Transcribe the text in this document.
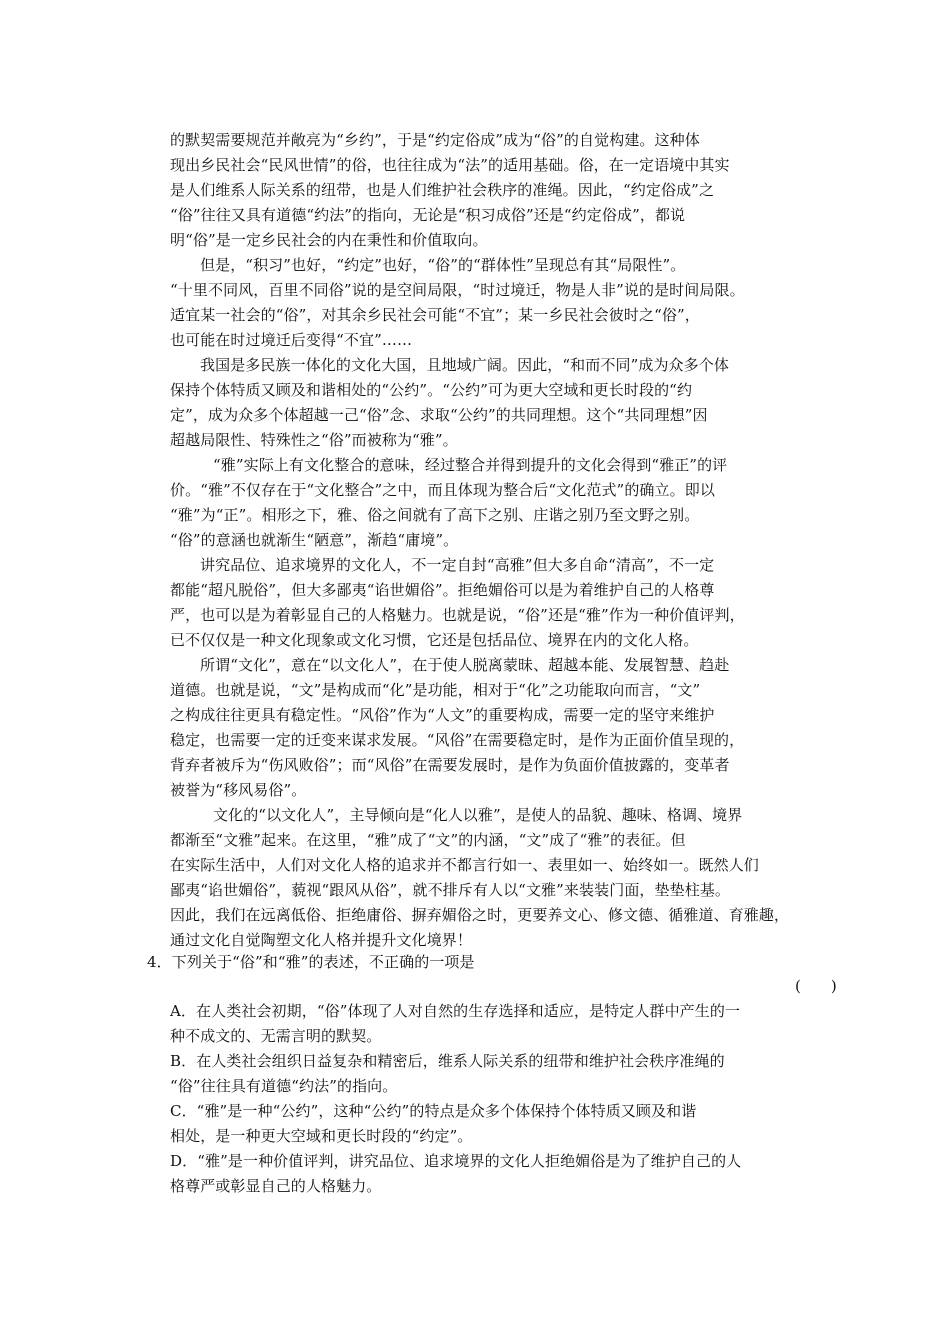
的默契需要规范并敞亮为“乡约”，于是“约定俗成”成为“俗”的自觉构建。这种体
现出乡民社会“民风世情”的俗，也往往成为“法”的适用基础。俗，在一定语境中其实
是人们维系人际关系的纽带，也是人们维护社会秩序的准绳。因此，“约定俗成”之
“俗”往往又具有道德“约法”的指向，无论是“积习成俗”还是“约定俗成”，都说
明“俗”是一定乡民社会的内在秉性和价值取向。
但是，“积习”也好，“约定”也好，“俗”的“群体性”呈现总有其“局限性”。
“十里不同风，百里不同俗”说的是空间局限，“时过境迁，物是人非”说的是时间局限。
适宜某一社会的“俗”，对其余乡民社会可能“不宜”；某一乡民社会彼时之“俗”，
也可能在时过境迁后变得“不宜”……
我国是多民族一体化的文化大国，且地域广阔。因此，“和而不同”成为众多个体
保持个体特质又顾及和谐相处的“公约”。“公约”可为更大空域和更长时段的“约
定”，成为众多个体超越一己“俗”念、求取“公约”的共同理想。这个“共同理想”因
超越局限性、特殊性之“俗”而被称为“雅”。
“雅”实际上有文化整合的意味，经过整合并得到提升的文化会得到“雅正”的评
价。“雅”不仅存在于“文化整合”之中，而且体现为整合后“文化范式”的确立。即以
“雅”为“正”。相形之下，雅、俗之间就有了高下之别、庄谐之别乃至文野之别。
“俗”的意涵也就渐生“陋意”，渐趋“庸境”。
讲究品位、追求境界的文化人，不一定自封“高雅”但大多自命“清高”，不一定
都能“超凡脱俗”，但大多鄙夷“谄世媚俗”。拒绝媚俗可以是为着维护自己的人格尊
严，也可以是为着彰显自己的人格魅力。也就是说，“俗”还是“雅”作为一种价值评判，
已不仅仅是一种文化现象或文化习惯，它还是包括品位、境界在内的文化人格。
所谓“文化”，意在“以文化人”，在于使人脱离蒙昧、超越本能、发展智慧、趋赴
道德。也就是说，“文”是构成而“化”是功能，相对于“化”之功能取向而言，“文”
之构成往往更具有稳定性。“风俗”作为“人文”的重要构成，需要一定的坚守来维护
稳定，也需要一定的迁变来谋求发展。“风俗”在需要稳定时，是作为正面价值呈现的，
背弃者被斥为“伤风败俗”；而“风俗”在需要发展时，是作为负面价值披露的，变革者
被誉为“移风易俗”。
文化的“以文化人”，主导倾向是“化人以雅”，是使人的品貌、趣味、格调、境界
都渐至“文雅”起来。在这里，“雅”成了“文”的内涵，“文”成了“雅”的表征。但
在实际生活中，人们对文化人格的追求并不都言行如一、表里如一、始终如一。既然人们
鄙夷“谄世媚俗”，藐视“跟风从俗”，就不排斥有人以“文雅”来装装门面，垫垫柱基。
因此，我们在远离低俗、拒绝庸俗、摒弃媚俗之时，更要养文心、修文德、循雅道、育雅趣，
通过文化自觉陶塑文化人格并提升文化境界！
4．下列关于“俗”和“雅”的表述，不正确的一项是
(　　)
A．在人类社会初期，“俗”体现了人对自然的生存选择和适应，是特定人群中产生的一
种不成文的、无需言明的默契。
B．在人类社会组织日益复杂和精密后，维系人际关系的纽带和维护社会秩序准绳的
“俗”往往具有道德“约法”的指向。
C．“雅”是一种“公约”，这种“公约”的特点是众多个体保持个体特质又顾及和谐
相处，是一种更大空域和更长时段的“约定”。
D．“雅”是一种价值评判，讲究品位、追求境界的文化人拒绝媚俗是为了维护自己的人
格尊严或彰显自己的人格魅力。
